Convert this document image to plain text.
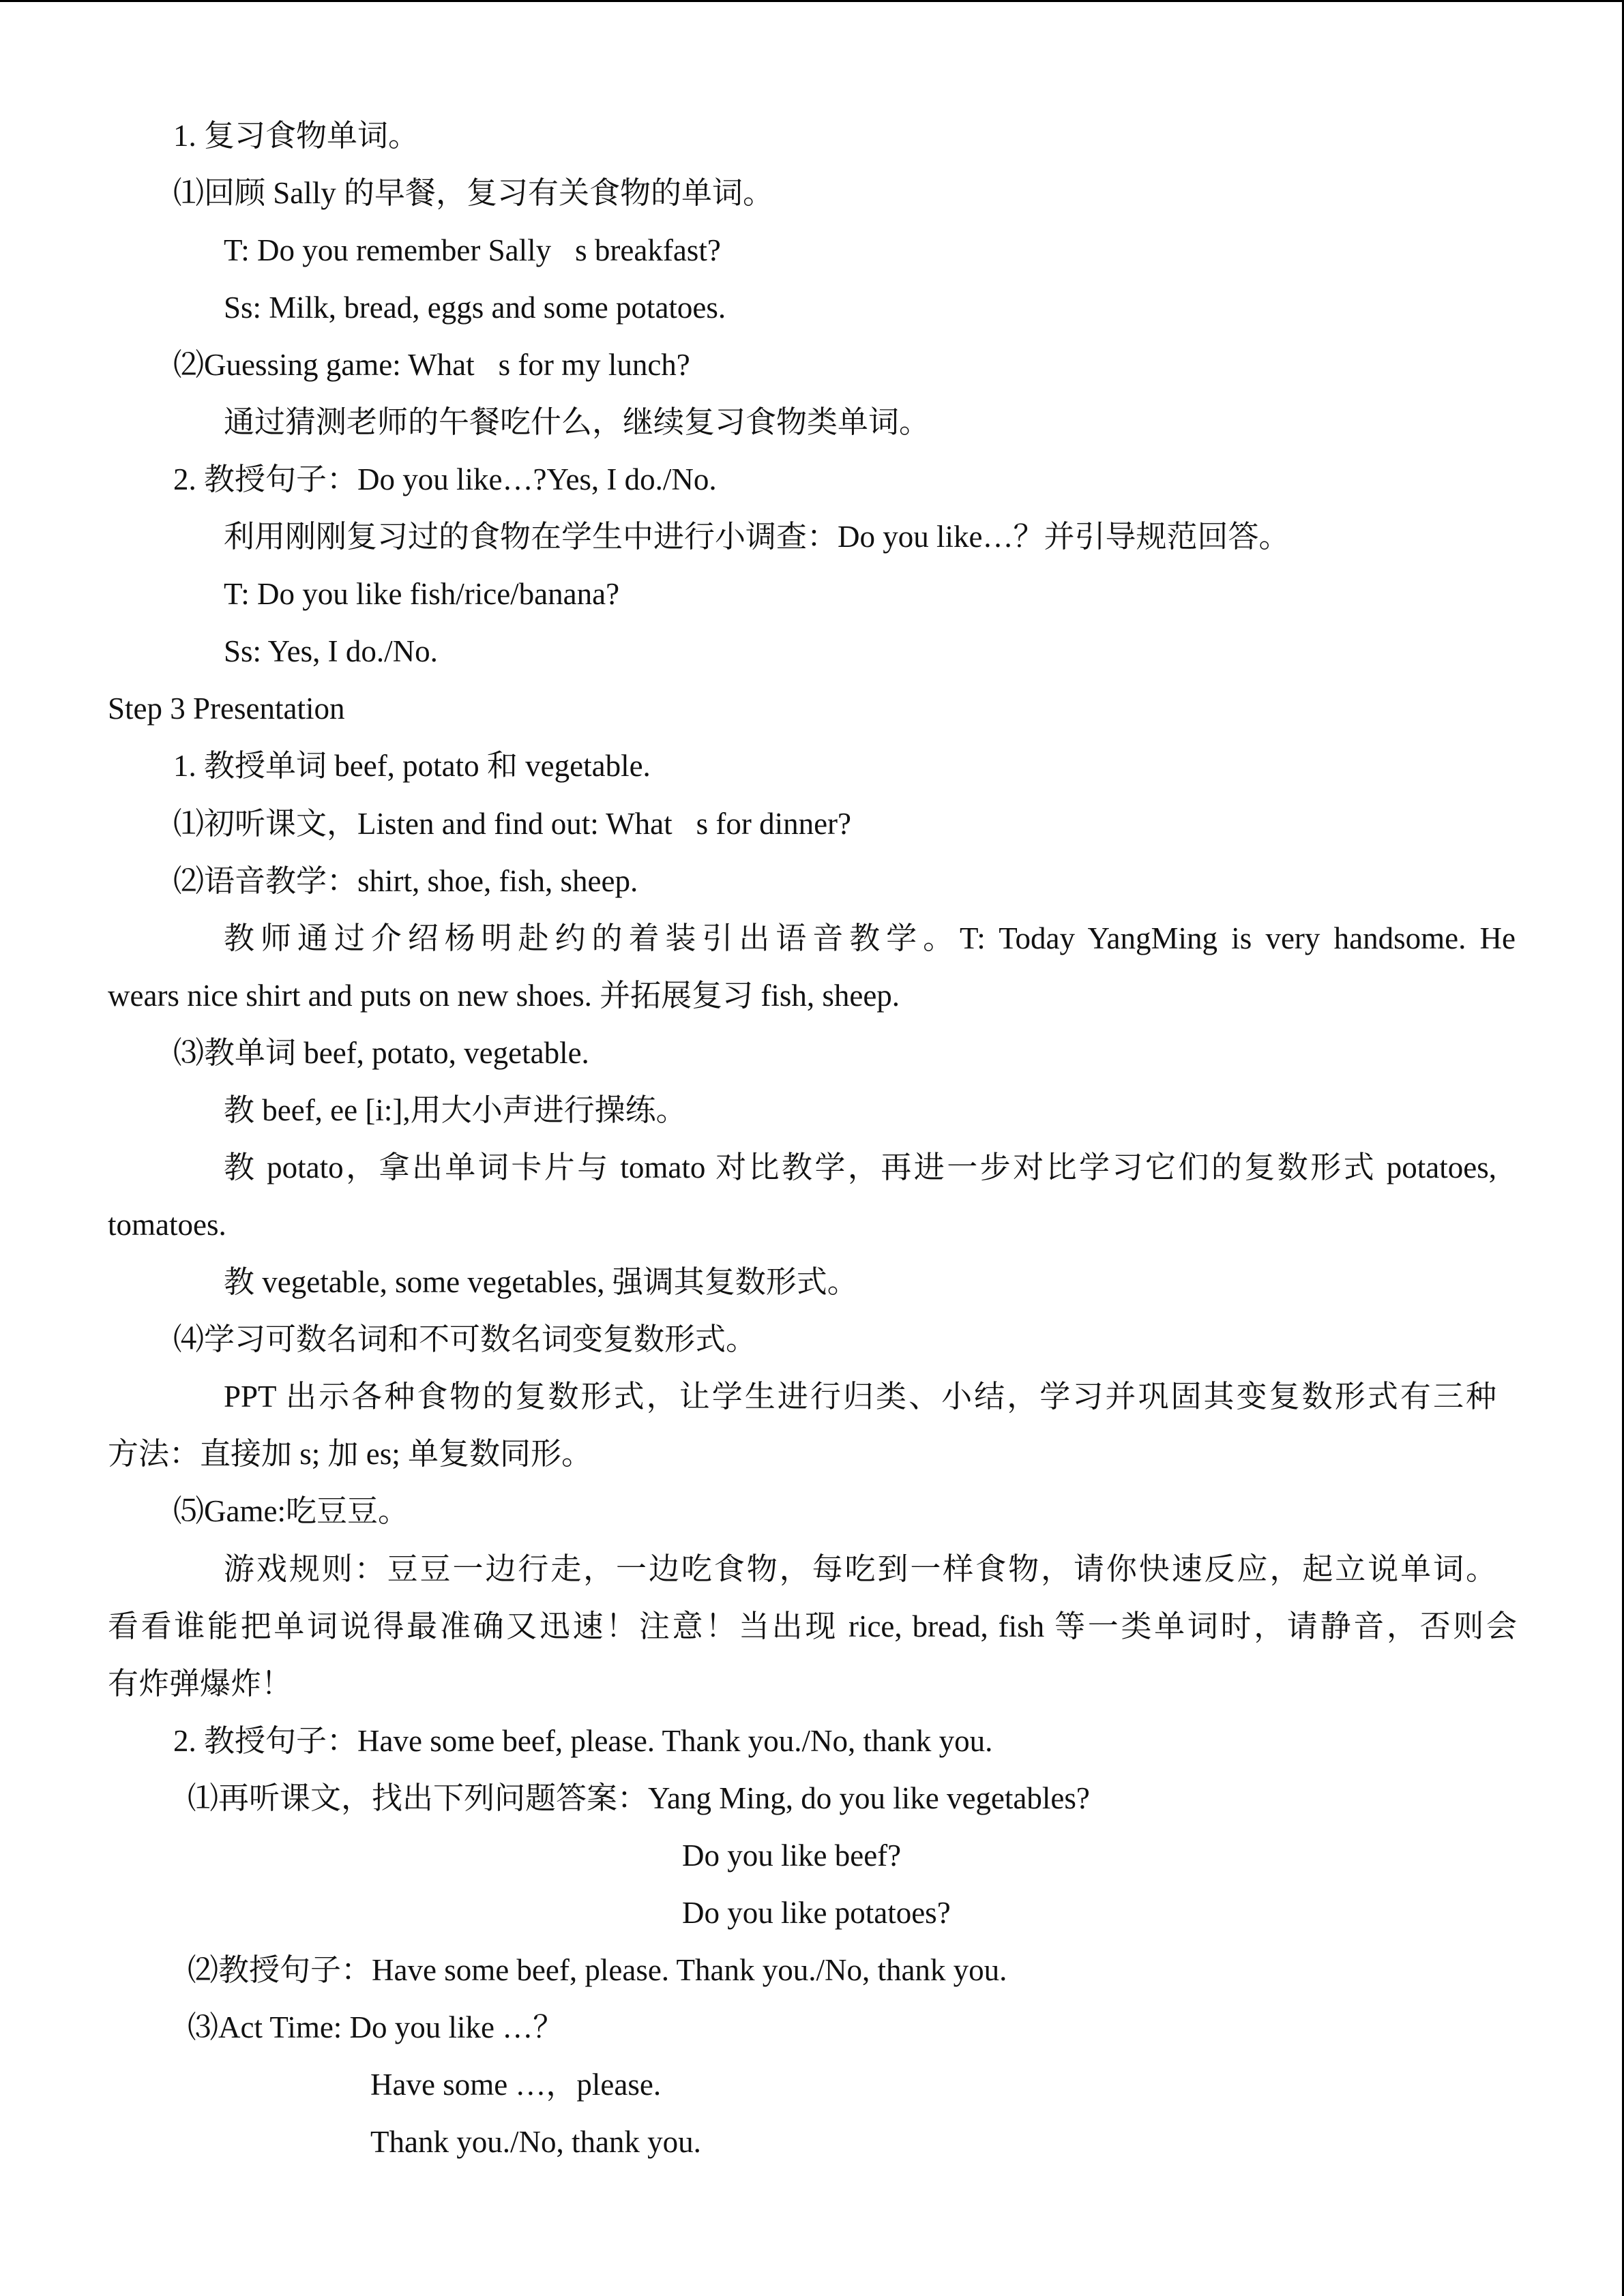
1. 复习食物单词。
⑴回顾 Sally 的早餐，复习有关食物的单词。
T: Do you remember Sally s breakfast?
Ss: Milk, bread, eggs and some potatoes.
⑵Guessing game: What s for my lunch?
通过猜测老师的午餐吃什么，继续复习食物类单词。
2. 教授句子：Do you like…?Yes, I do./No.
利用刚刚复习过的食物在学生中进行小调查：Do you like…？并引导规范回答。
T: Do you like fish/rice/banana?
Ss: Yes, I do./No.
Step 3 Presentation
1. 教授单词 beef, potato 和 vegetable.
⑴初听课文，Listen and find out: What s for dinner?
⑵语音教学：shirt, shoe, fish, sheep.
教师通过介绍杨明赴约的着装引出语音教学。T: Today YangMing is very handsome. He
wears nice shirt and puts on new shoes. 并拓展复习 fish, sheep.
⑶教单词 beef, potato, vegetable.
教 beef, ee [i:],用大小声进行操练。
教 potato，拿出单词卡片与 tomato 对比教学，再进一步对比学习它们的复数形式 potatoes,
tomatoes.
教 vegetable, some vegetables, 强调其复数形式。
⑷学习可数名词和不可数名词变复数形式。
PPT 出示各种食物的复数形式，让学生进行归类、小结，学习并巩固其变复数形式有三种
方法：直接加 s; 加 es; 单复数同形。
⑸Game:吃豆豆。
游戏规则：豆豆一边行走，一边吃食物，每吃到一样食物，请你快速反应，起立说单词。
看看谁能把单词说得最准确又迅速！注意！当出现 rice, bread, fish 等一类单词时，请静音，否则会
有炸弹爆炸！
2. 教授句子：Have some beef, please. Thank you./No, thank you.
⑴再听课文，找出下列问题答案：Yang Ming, do you like vegetables?
Do you like beef?
Do you like potatoes?
⑵教授句子：Have some beef, please. Thank you./No, thank you.
⑶Act Time: Do you like …？
Have some …，please.
Thank you./No, thank you.
